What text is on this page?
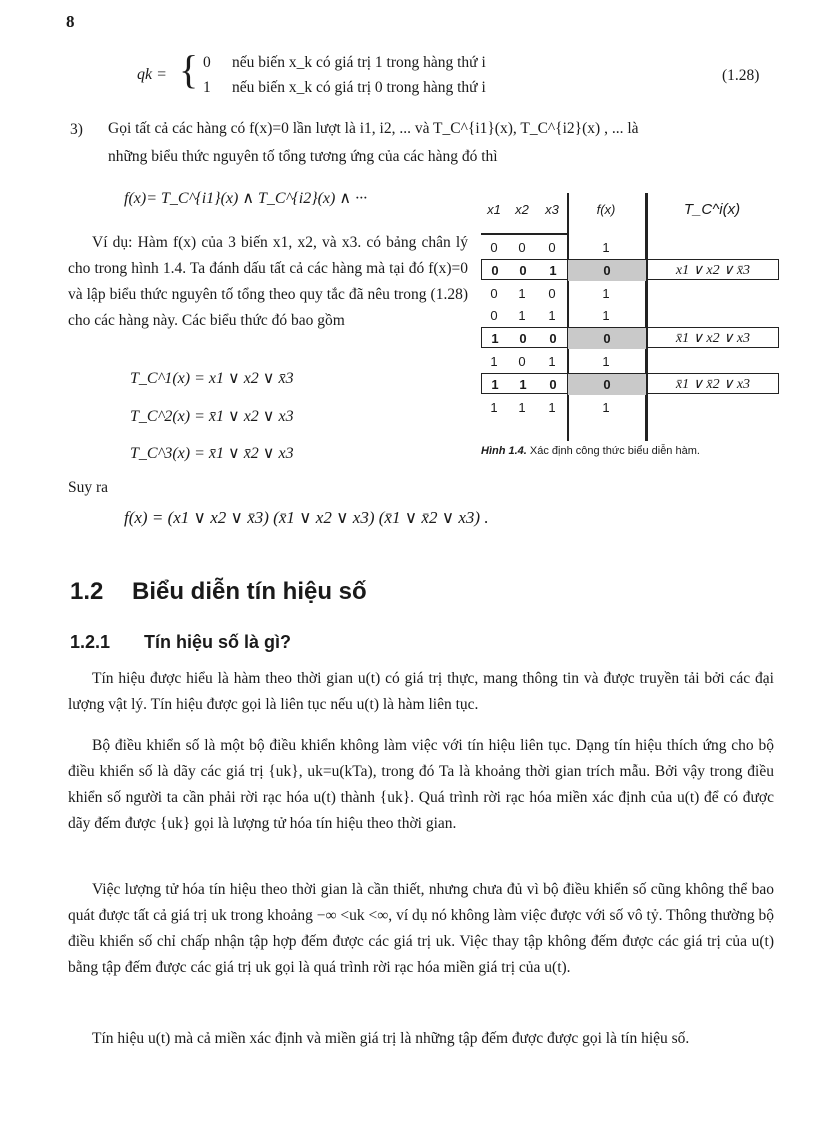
8
qk = { 0 nếu biến x_k có giá trị 1 trong hàng thứ i
1 nếu biến x_k có giá trị 0 trong hàng thứ i
(1.28)
3) Gọi tất cả các hàng có f(x)=0 lần lượt là i1, i2, ... và T_C^{i1}(x), T_C^{i2}(x) , ... là
những biểu thức nguyên tố tổng tương ứng của các hàng đó thì
f(x)= T_C^{i1}(x) ∧ T_C^{i2}(x) ∧ ···
Ví dụ: Hàm f(x) của 3 biến x1, x2, và x3. có bảng chân lý cho trong hình 1.4. Ta đánh dấu tất cả các hàng mà tại đó f(x)=0 và lập biểu thức nguyên tố tổng theo quy tắc đã nêu trong (1.28) cho các hàng này. Các biểu thức đó bao gồm
T_C^1(x) = x1 ∨ x2 ∨ x̄3
T_C^2(x) = x̄1 ∨ x2 ∨ x3
T_C^3(x) = x̄1 ∨ x̄2 ∨ x3
x1	x2	x3	f(x)	T_C^i(x)
0	0	0	1
0	0	1	0	x1 ∨ x2 ∨ x̄3
0	1	0	1
0	1	1	1
1	0	0	0	x̄1 ∨ x2 ∨ x3
1	0	1	1
1	1	0	0	x̄1 ∨ x̄2 ∨ x3
1	1	1	1
Hình 1.4. Xác định công thức biểu diễn hàm.
Suy ra
f(x) = (x1 ∨ x2 ∨ x̄3) (x̄1 ∨ x2 ∨ x3) (x̄1 ∨ x̄2 ∨ x3) .
1.2 Biểu diễn tín hiệu số
1.2.1 Tín hiệu số là gì?
Tín hiệu được hiểu là hàm theo thời gian u(t) có giá trị thực, mang thông tin và được truyền tải bởi các đại lượng vật lý. Tín hiệu được gọi là liên tục nếu u(t) là hàm liên tục.
Bộ điều khiển số là một bộ điều khiển không làm việc với tín hiệu liên tục. Dạng tín hiệu thích ứng cho bộ điều khiển số là dãy các giá trị {uk}, uk=u(kTa), trong đó Ta là khoảng thời gian trích mẫu. Bởi vậy trong điều khiển số người ta cần phải rời rạc hóa u(t) thành {uk}. Quá trình rời rạc hóa miền xác định của u(t) để có được dãy đếm được {uk} gọi là lượng tử hóa tín hiệu theo thời gian.
Việc lượng tử hóa tín hiệu theo thời gian là cần thiết, nhưng chưa đủ vì bộ điều khiển số cũng không thể bao quát được tất cả giá trị uk trong khoảng −∞ <uk <∞, ví dụ nó không làm việc được với số vô tỷ. Thông thường bộ điều khiển số chỉ chấp nhận tập hợp đếm được các giá trị uk. Việc thay tập không đếm được các giá trị của u(t) bằng tập đếm được các giá trị uk gọi là quá trình rời rạc hóa miền giá trị của u(t).
Tín hiệu u(t) mà cả miền xác định và miền giá trị là những tập đếm được được gọi là tín hiệu số.
